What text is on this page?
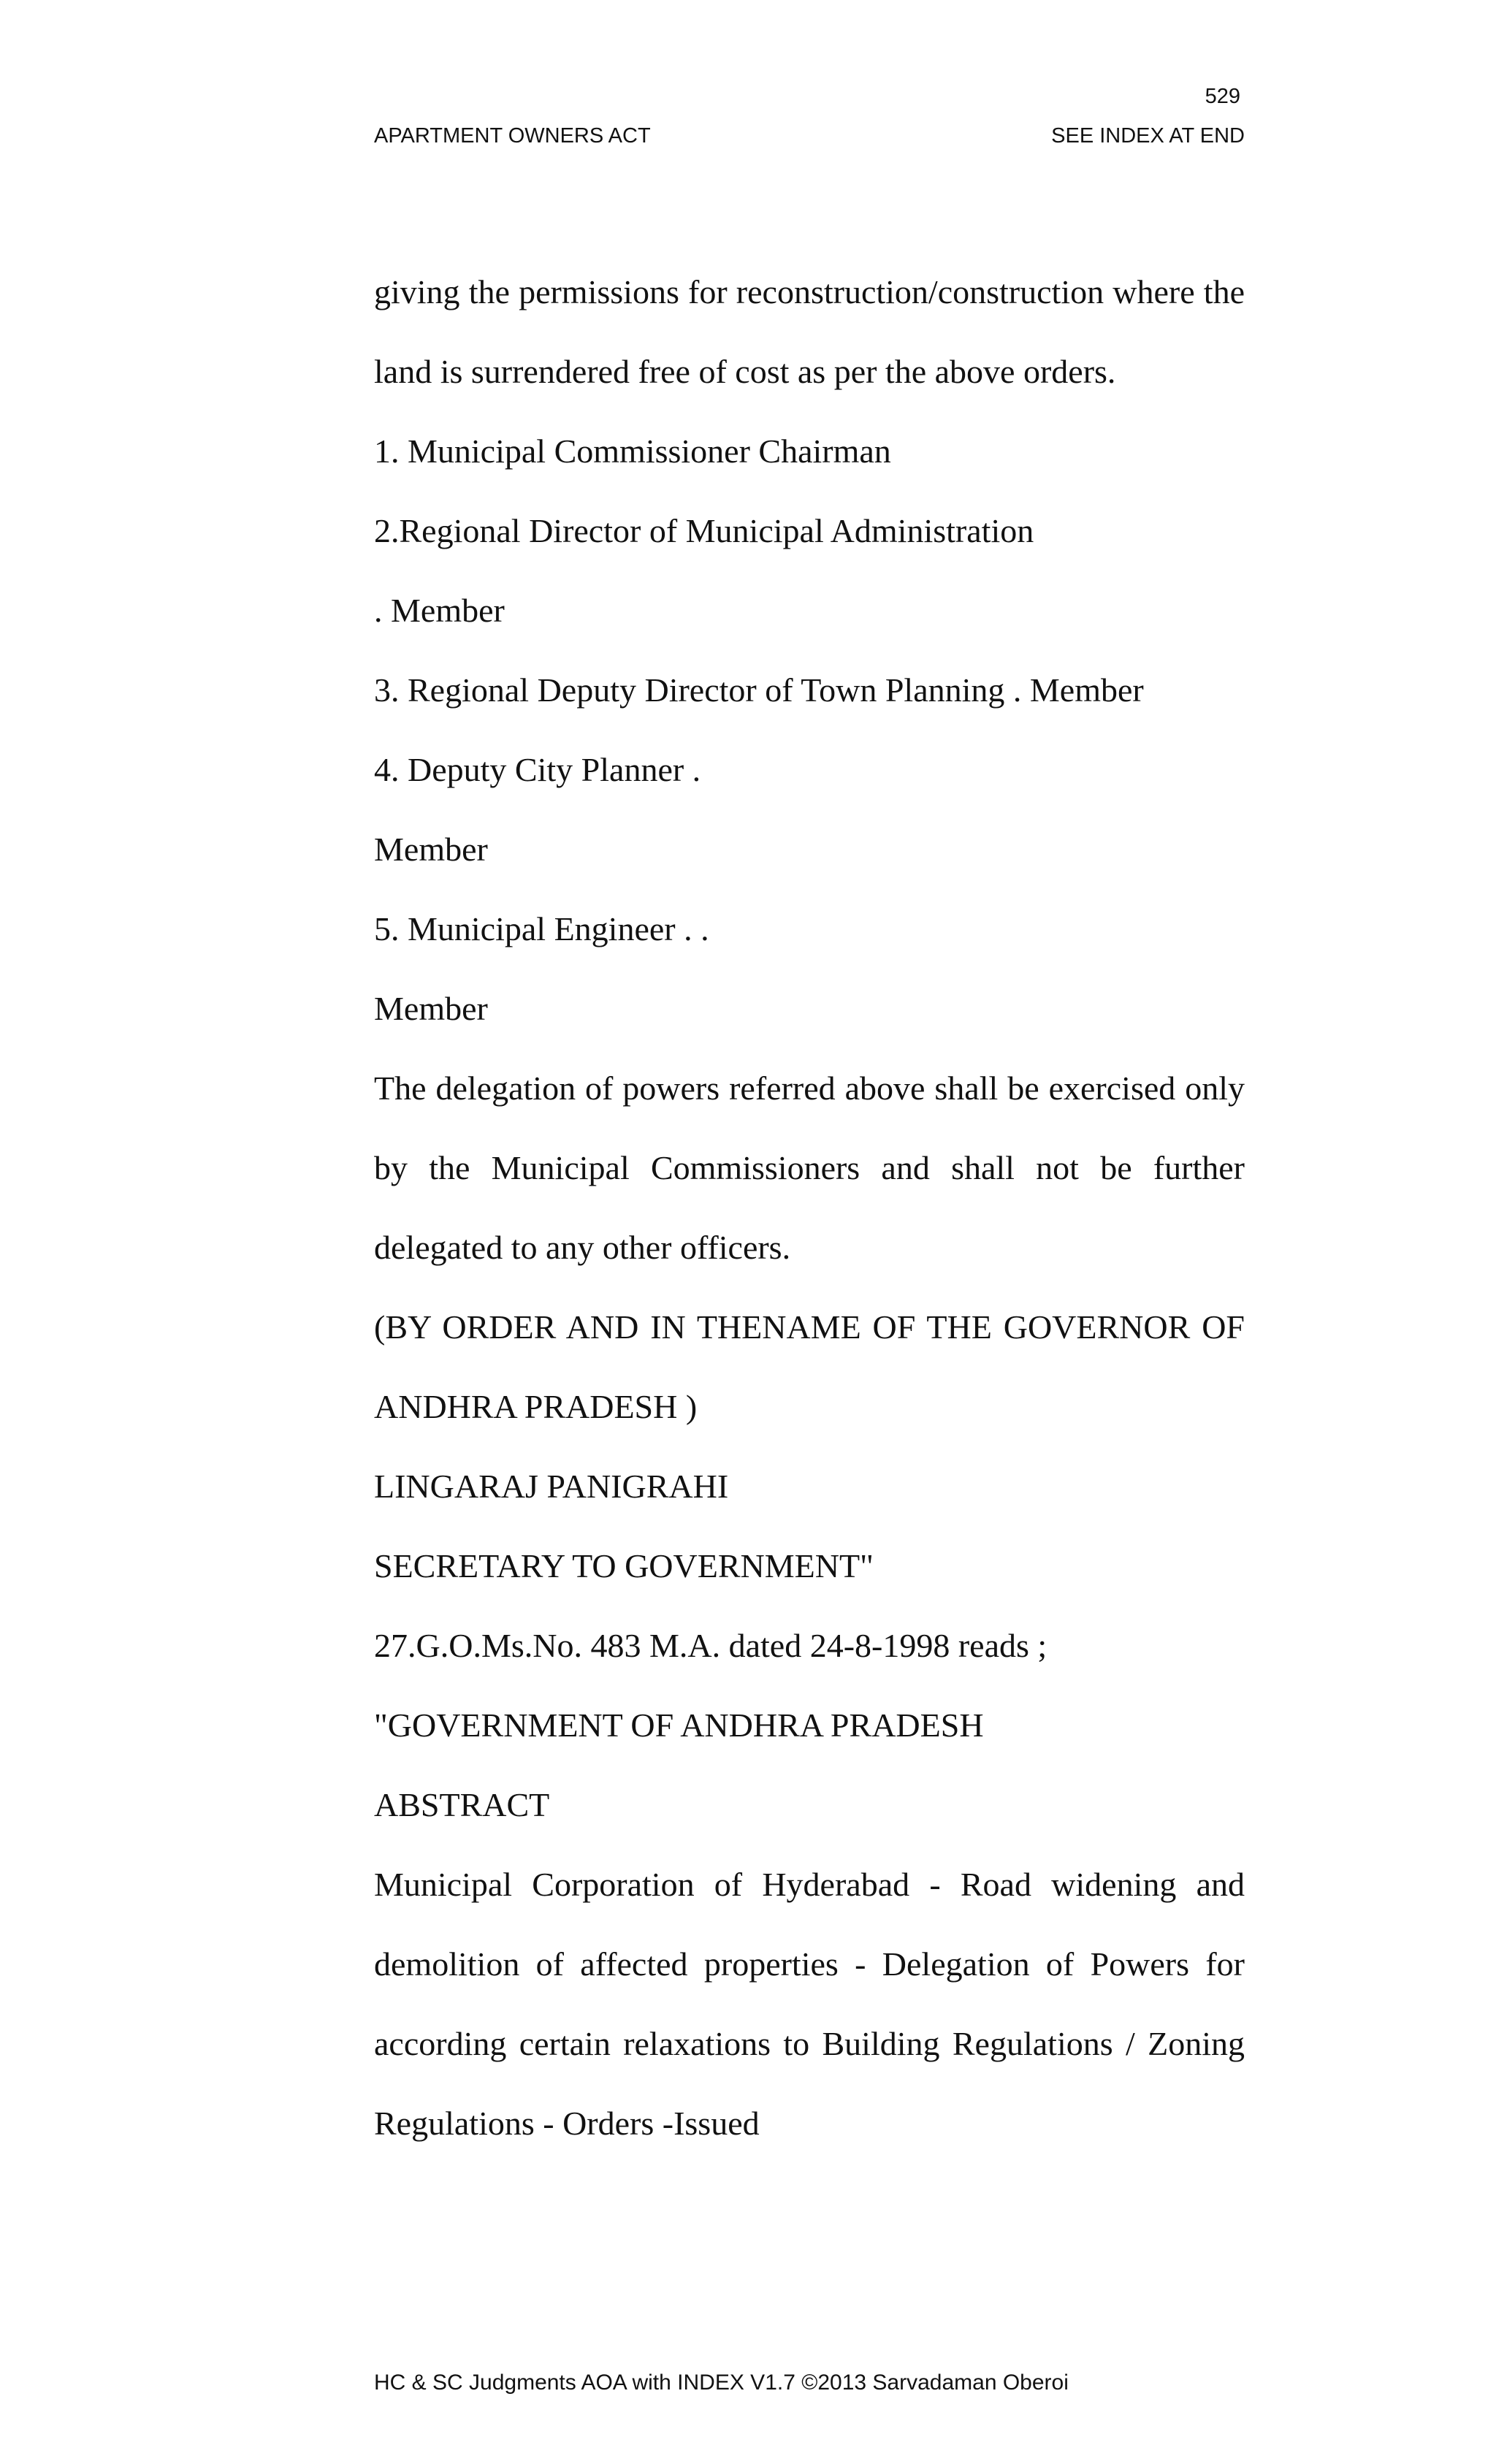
529
APARTMENT OWNERS ACT	SEE INDEX AT END

giving the permissions for reconstruction/construction where the land is surrendered free of cost as per the above orders.

1. Municipal Commissioner Chairman

2.Regional Director of Municipal Administration

. Member

3. Regional Deputy Director of Town Planning . Member

4. Deputy City Planner .

Member

5. Municipal Engineer . .

Member

The delegation of powers referred above shall be exercised only by the Municipal Commissioners and shall not be further delegated to any other officers.

(BY ORDER AND IN THENAME OF THE GOVERNOR OF ANDHRA PRADESH )

LINGARAJ PANIGRAHI

SECRETARY TO GOVERNMENT"

27.G.O.Ms.No. 483 M.A. dated 24-8-1998 reads ;

"GOVERNMENT OF ANDHRA PRADESH

ABSTRACT

Municipal Corporation of Hyderabad - Road widening and demolition of affected properties - Delegation of Powers for according certain relaxations to Building Regulations / Zoning Regulations - Orders -Issued

HC & SC Judgments AOA with INDEX V1.7 ©2013 Sarvadaman Oberoi
